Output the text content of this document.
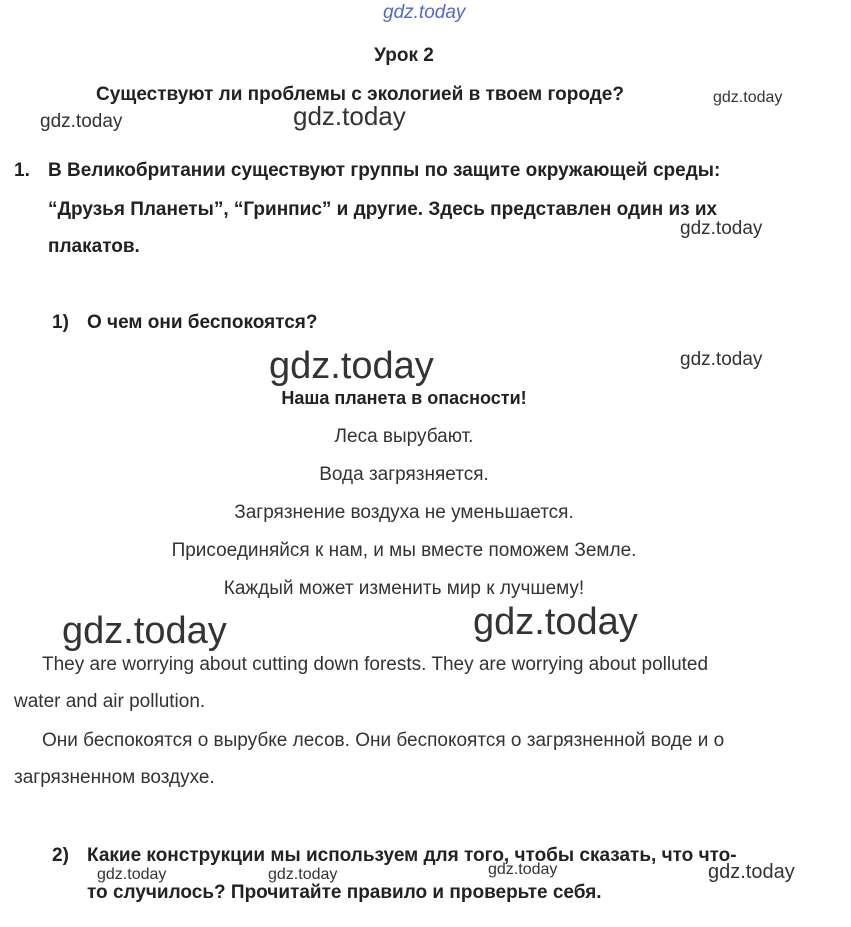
gdz.today
Урок 2
Существуют ли проблемы с экологией в твоем городе?
1. В Великобритании существуют группы по защите окружающей среды:
“Друзья Планеты”, “Гринпис” и другие. Здесь представлен один из их
плакатов.
1) О чем они беспокоятся?
Наша планета в опасности!
Леса вырубают.
Вода загрязняется.
Загрязнение воздуха не уменьшается.
Присоединяйся к нам, и мы вместе поможем Земле.
Каждый может изменить мир к лучшему!
They are worrying about cutting down forests. They are worrying about polluted
water and air pollution.
Они беспокоятся о вырубке лесов. Они беспокоятся о загрязненной воде и о
загрязненном воздухе.
2) Какие конструкции мы используем для того, чтобы сказать, что что-
то случилось? Прочитайте правило и проверьте себя.
gdz.today
gdz.today	gdz.today
gdz.today
gdz.today	gdz.today
gdz.today	gdz.today
gdz.today	gdz.today	gdz.today	gdz.today
